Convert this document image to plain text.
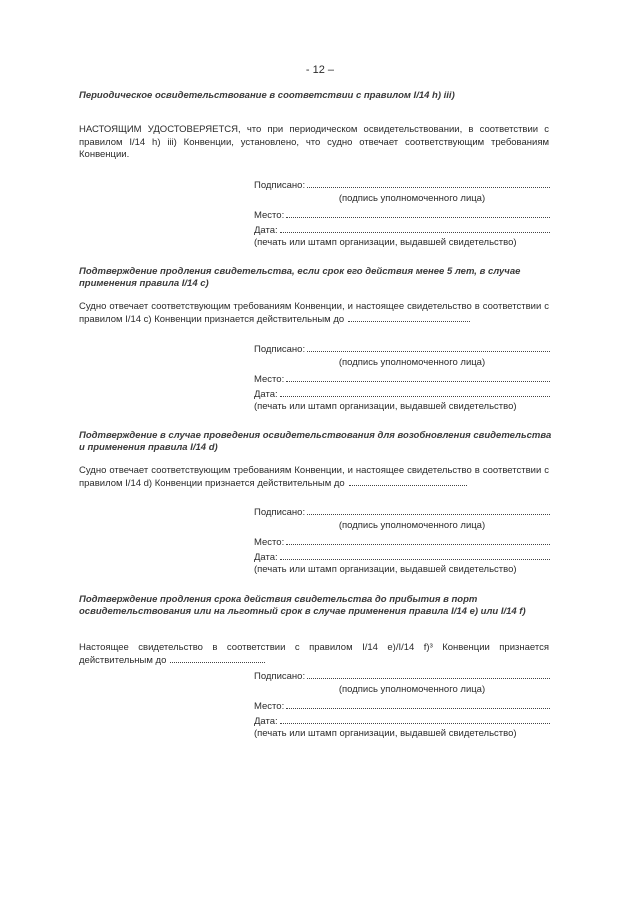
- 12 –
Периодическое освидетельствование в соответствии с правилом I/14 h) iii)
НАСТОЯЩИМ УДОСТОВЕРЯЕТСЯ, что при периодическом освидетельствовании, в соответствии с правилом I/14 h) iii) Конвенции, установлено, что судно отвечает соответствующим требованиям Конвенции.
Подписано:
(подпись уполномоченного лица)
Место:
Дата:
(печать или штамп организации, выдавшей свидетельство)
Подтверждение продления свидетельства, если срок его действия менее 5 лет, в случае применения правила I/14 c)
Судно отвечает соответствующим требованиям Конвенции, и настоящее свидетельство в соответствии с правилом I/14 c) Конвенции признается действительным до
Подписано:
(подпись уполномоченного лица)
Место:
Дата:
(печать или штамп организации, выдавшей свидетельство)
Подтверждение в случае проведения освидетельствования для возобновления свидетельства и применения правила I/14 d)
Судно отвечает соответствующим требованиям Конвенции, и настоящее свидетельство в соответствии с правилом I/14 d) Конвенции признается действительным до
Подписано:
(подпись уполномоченного лица)
Место:
Дата:
(печать или штамп организации, выдавшей свидетельство)
Подтверждение продления срока действия свидетельства до прибытия в порт освидетельствования или на льготный срок в случае применения правила I/14 e) или I/14 f)
Настоящее свидетельство в соответствии с правилом I/14 e)/I/14 f)³ Конвенции признается действительным до
Подписано:
(подпись уполномоченного лица)
Место:
Дата:
(печать или штамп организации, выдавшей свидетельство)
